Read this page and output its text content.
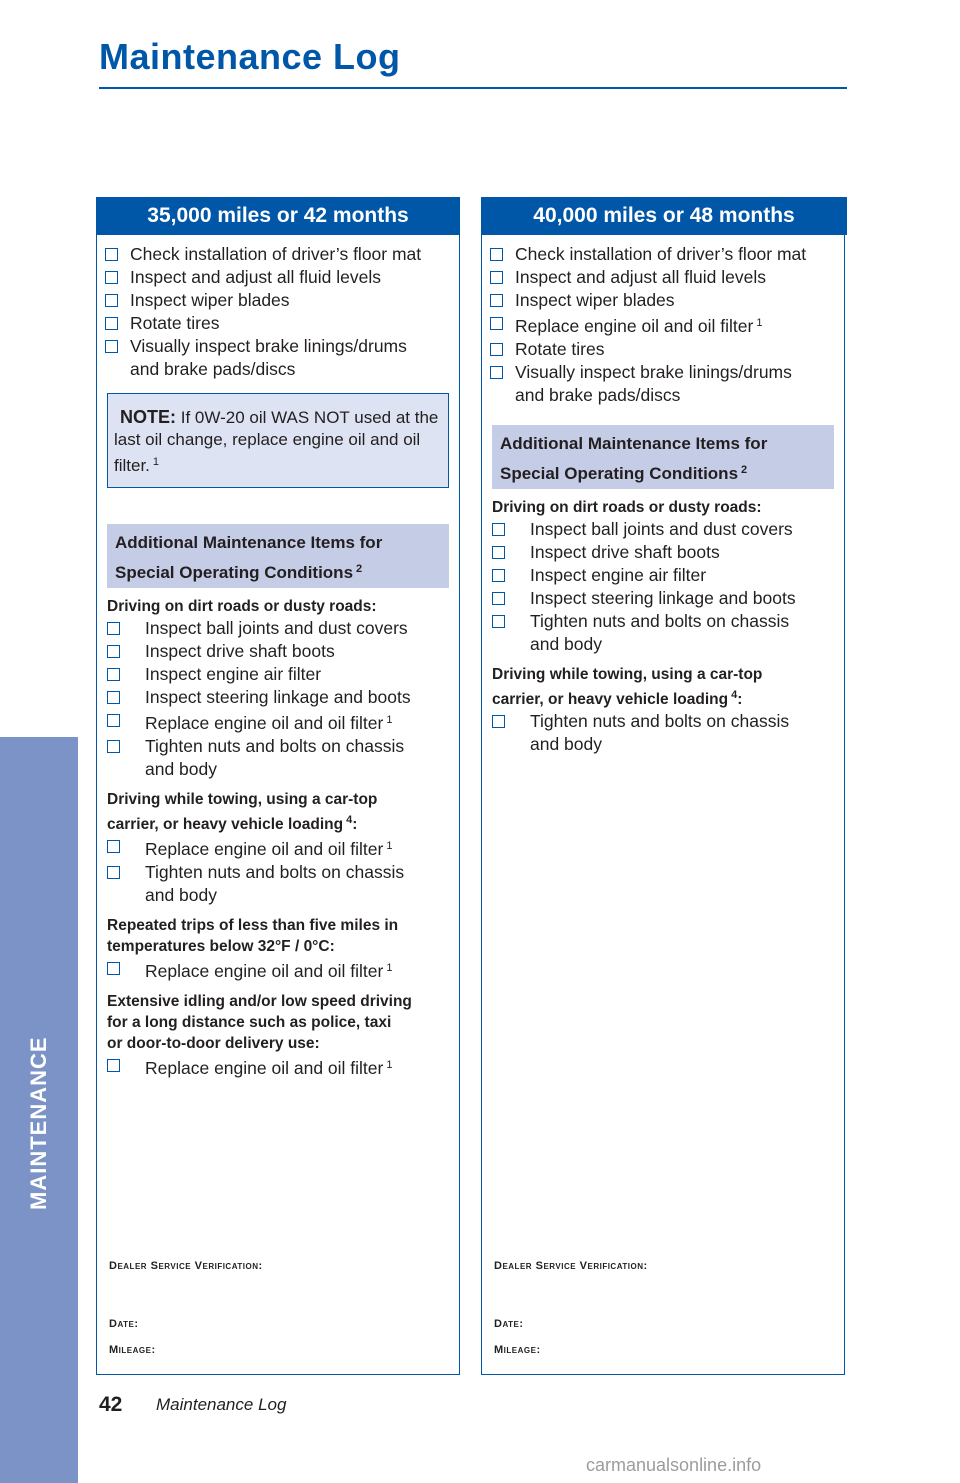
Maintenance Log
MAINTENANCE
35,000 miles or 42 months
Check installation of driver’s floor mat
Inspect and adjust all fluid levels
Inspect wiper blades
Rotate tires
Visually inspect brake linings/drums
and brake pads/discs
NOTE: If 0W-20 oil WAS NOT used at the last oil change, replace engine oil and oil filter. $^1$
Additional Maintenance Items for
Special Operating Conditions $^2$
Driving on dirt roads or dusty roads:
Inspect ball joints and dust covers
Inspect drive shaft boots
Inspect engine air filter
Inspect steering linkage and boots
Replace engine oil and oil filter $^1$
Tighten nuts and bolts on chassis
and body
Driving while towing, using a car-top
carrier, or heavy vehicle loading $^4$:
Replace engine oil and oil filter $^1$
Tighten nuts and bolts on chassis
and body
Repeated trips of less than five miles in
temperatures below 32°F / 0°C:
Replace engine oil and oil filter $^1$
Extensive idling and/or low speed driving
for a long distance such as police, taxi
or door-to-door delivery use:
Replace engine oil and oil filter $^1$
Dealer Service Verification:
Date:
Mileage:
40,000 miles or 48 months
Check installation of driver’s floor mat
Inspect and adjust all fluid levels
Inspect wiper blades
Replace engine oil and oil filter $^1$
Rotate tires
Visually inspect brake linings/drums
and brake pads/discs
Additional Maintenance Items for
Special Operating Conditions $^2$
Driving on dirt roads or dusty roads:
Inspect ball joints and dust covers
Inspect drive shaft boots
Inspect engine air filter
Inspect steering linkage and boots
Tighten nuts and bolts on chassis
and body
Driving while towing, using a car-top
carrier, or heavy vehicle loading $^4$:
Tighten nuts and bolts on chassis
and body
Dealer Service Verification:
Date:
Mileage:
42 Maintenance Log
carmanualsonline.info
